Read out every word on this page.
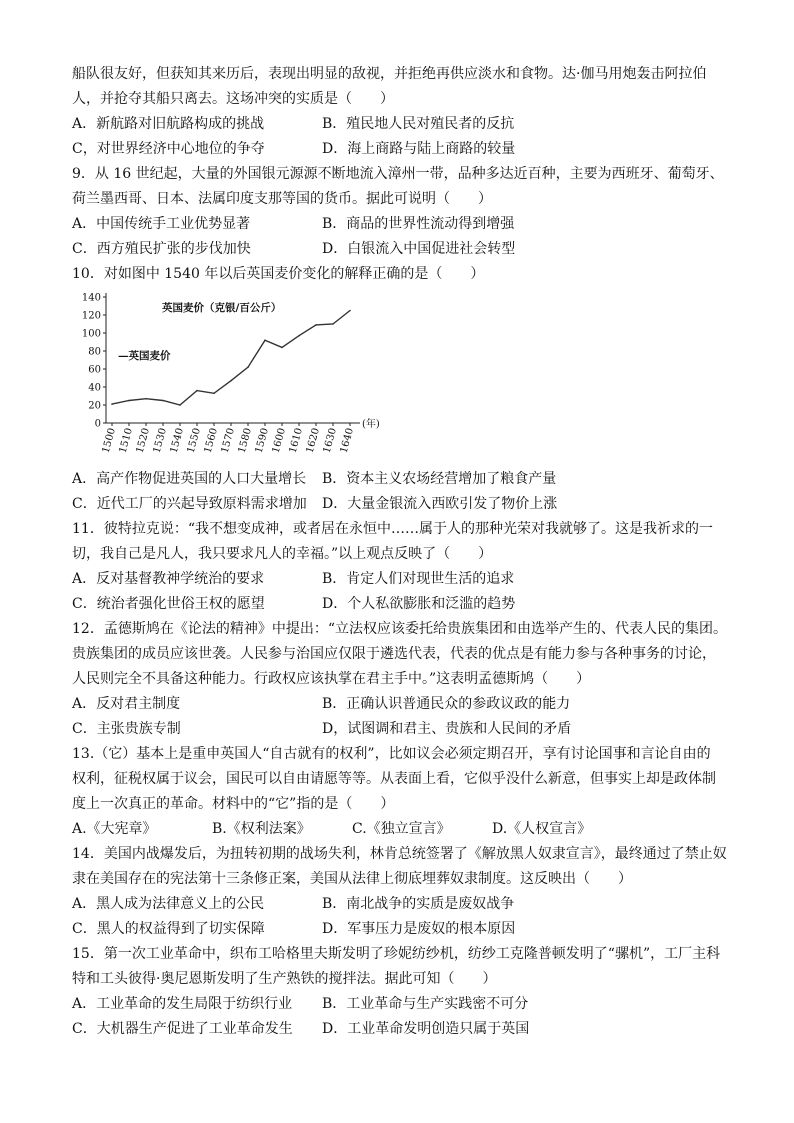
船队很友好，但获知其来历后，表现出明显的敌视，并拒绝再供应淡水和食物。达·伽马用炮轰击阿拉伯
人，并抢夺其船只离去。这场冲突的实质是（　　）
A．新航路对旧航路构成的挑战	B．殖民地人民对殖民者的反抗
C，对世界经济中心地位的争夺	D．海上商路与陆上商路的较量
9．从 16 世纪起，大量的外国银元源源不断地流入漳州一带，品种多达近百种，主要为西班牙、葡萄牙、
荷兰墨西哥、日本、法属印度支那等国的货币。据此可说明（　　）
A．中国传统手工业优势显著	B．商品的世界性流动得到增强
C．西方殖民扩张的步伐加快	D．白银流入中国促进社会转型
10．对如图中 1540 年以后英国麦价变化的解释正确的是（　　）
0
20
40
60
80
100
120
140
1500 1510 1520 1530 1540 1550 1560 1570 1580 1590 1600 1610 1620 1630 1640
(年)
英国麦价（克银/百公斤）
—英国麦价
A．高产作物促进英国的人口大量增长	B．资本主义农场经营增加了粮食产量
C．近代工厂的兴起导致原料需求增加	D．大量金银流入西欧引发了物价上涨
11．彼特拉克说：“我不想变成神，或者居在永恒中……属于人的那种光荣对我就够了。这是我祈求的一
切，我自己是凡人，我只要求凡人的幸福。”以上观点反映了（　　）
A．反对基督教神学统治的要求	B．肯定人们对现世生活的追求
C．统治者强化世俗王权的愿望	D．个人私欲膨胀和泛滥的趋势
12．孟德斯鸠在《论法的精神》中提出：“立法权应该委托给贵族集团和由选举产生的、代表人民的集团。
贵族集团的成员应该世袭。人民参与治国应仅限于遴选代表，代表的优点是有能力参与各种事务的讨论，
人民则完全不具备这种能力。行政权应该执掌在君主手中。”这表明孟德斯鸠（　　）
A．反对君主制度	B．正确认识普通民众的参政议政的能力
C．主张贵族专制	D，试图调和君主、贵族和人民间的矛盾
13.（它）基本上是重申英国人“自古就有的权利”，比如议会必须定期召开，享有讨论国事和言论自由的
权利，征税权属于议会，国民可以自由请愿等等。从表面上看，它似乎没什么新意，但事实上却是政体制
度上一次真正的革命。材料中的“它”指的是（　　）
A.《大宪章》	B.《权利法案》	C.《独立宣言》	D.《人权宣言》
14．美国内战爆发后，为扭转初期的战场失利，林肯总统签署了《解放黑人奴隶宣言》，最终通过了禁止奴
隶在美国存在的宪法第十三条修正案，美国从法律上彻底埋葬奴隶制度。这反映出（　　）
A．黑人成为法律意义上的公民	B．南北战争的实质是废奴战争
C．黑人的权益得到了切实保障	D．军事压力是废奴的根本原因
15．第一次工业革命中，织布工哈格里夫斯发明了珍妮纺纱机，纺纱工克隆普顿发明了“骡机”，工厂主科
特和工头彼得·奥尼恩斯发明了生产熟铁的搅拌法。据此可知（　　）
A．工业革命的发生局限于纺织行业	B．工业革命与生产实践密不可分
C．大机器生产促进了工业革命发生	D．工业革命发明创造只属于英国
